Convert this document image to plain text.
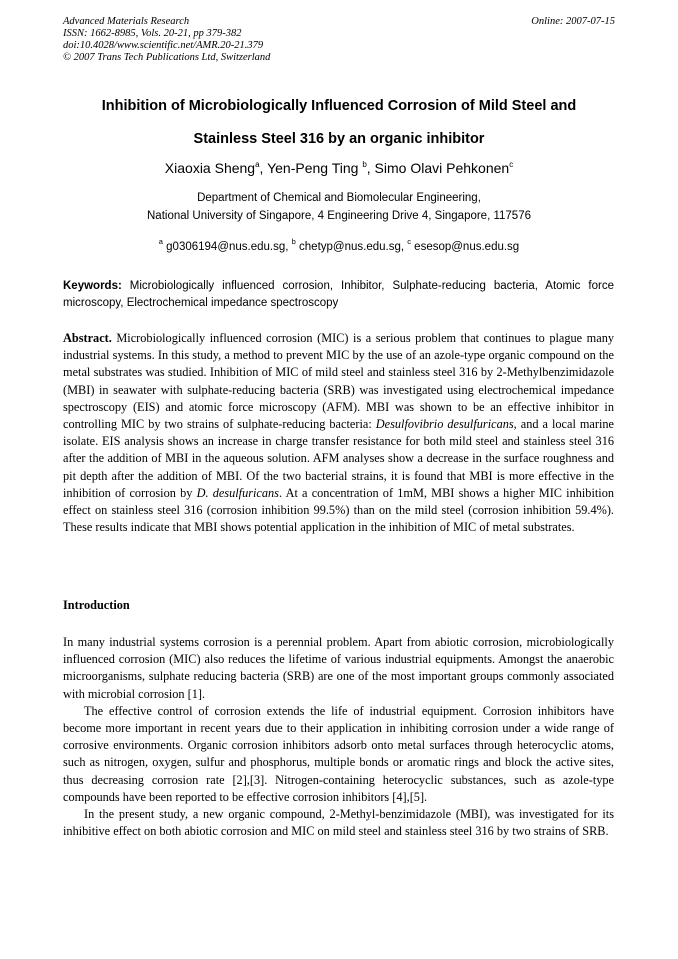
Advanced Materials Research
ISSN: 1662-8985, Vols. 20-21, pp 379-382
doi:10.4028/www.scientific.net/AMR.20-21.379
© 2007 Trans Tech Publications Ltd, Switzerland
Online: 2007-07-15
Inhibition of Microbiologically Influenced Corrosion of Mild Steel and
Stainless Steel 316 by an organic inhibitor
Xiaoxia Sheng$^a$, Yen-Peng Ting $^b$, Simo Olavi Pehkonen$^c$
Department of Chemical and Biomolecular Engineering,
National University of Singapore, 4 Engineering Drive 4, Singapore, 117576
$^a$ g0306194@nus.edu.sg, $^b$ chetyp@nus.edu.sg, $^c$ esesop@nus.edu.sg
Keywords: Microbiologically influenced corrosion, Inhibitor, Sulphate-reducing bacteria, Atomic force microscopy, Electrochemical impedance spectroscopy
Abstract. Microbiologically influenced corrosion (MIC) is a serious problem that continues to plague many industrial systems. In this study, a method to prevent MIC by the use of an azole-type organic compound on the metal substrates was studied. Inhibition of MIC of mild steel and stainless steel 316 by 2-Methylbenzimidazole (MBI) in seawater with sulphate-reducing bacteria (SRB) was investigated using electrochemical impedance spectroscopy (EIS) and atomic force microscopy (AFM). MBI was shown to be an effective inhibitor in controlling MIC by two strains of sulphate-reducing bacteria: Desulfovibrio desulfuricans, and a local marine isolate. EIS analysis shows an increase in charge transfer resistance for both mild steel and stainless steel 316 after the addition of MBI in the aqueous solution. AFM analyses show a decrease in the surface roughness and pit depth after the addition of MBI. Of the two bacterial strains, it is found that MBI is more effective in the inhibition of corrosion by D. desulfuricans. At a concentration of 1mM, MBI shows a higher MIC inhibition effect on stainless steel 316 (corrosion inhibition 99.5%) than on the mild steel (corrosion inhibition 59.4%). These results indicate that MBI shows potential application in the inhibition of MIC of metal substrates.
Introduction

In many industrial systems corrosion is a perennial problem. Apart from abiotic corrosion, microbiologically influenced corrosion (MIC) also reduces the lifetime of various industrial equipments. Amongst the anaerobic microorganisms, sulphate reducing bacteria (SRB) are one of the most important groups commonly associated with microbial corrosion [1].

The effective control of corrosion extends the life of industrial equipment. Corrosion inhibitors have become more important in recent years due to their application in inhibiting corrosion under a wide range of corrosive environments. Organic corrosion inhibitors adsorb onto metal surfaces through heterocyclic atoms, such as nitrogen, oxygen, sulfur and phosphorus, multiple bonds or aromatic rings and block the active sites, thus decreasing corrosion rate [2],[3]. Nitrogen-containing heterocyclic substances, such as azole-type compounds have been reported to be effective corrosion inhibitors [4],[5].

In the present study, a new organic compound, 2-Methyl-benzimidazole (MBI), was investigated for its inhibitive effect on both abiotic corrosion and MIC on mild steel and stainless steel 316 by two strains of SRB.
